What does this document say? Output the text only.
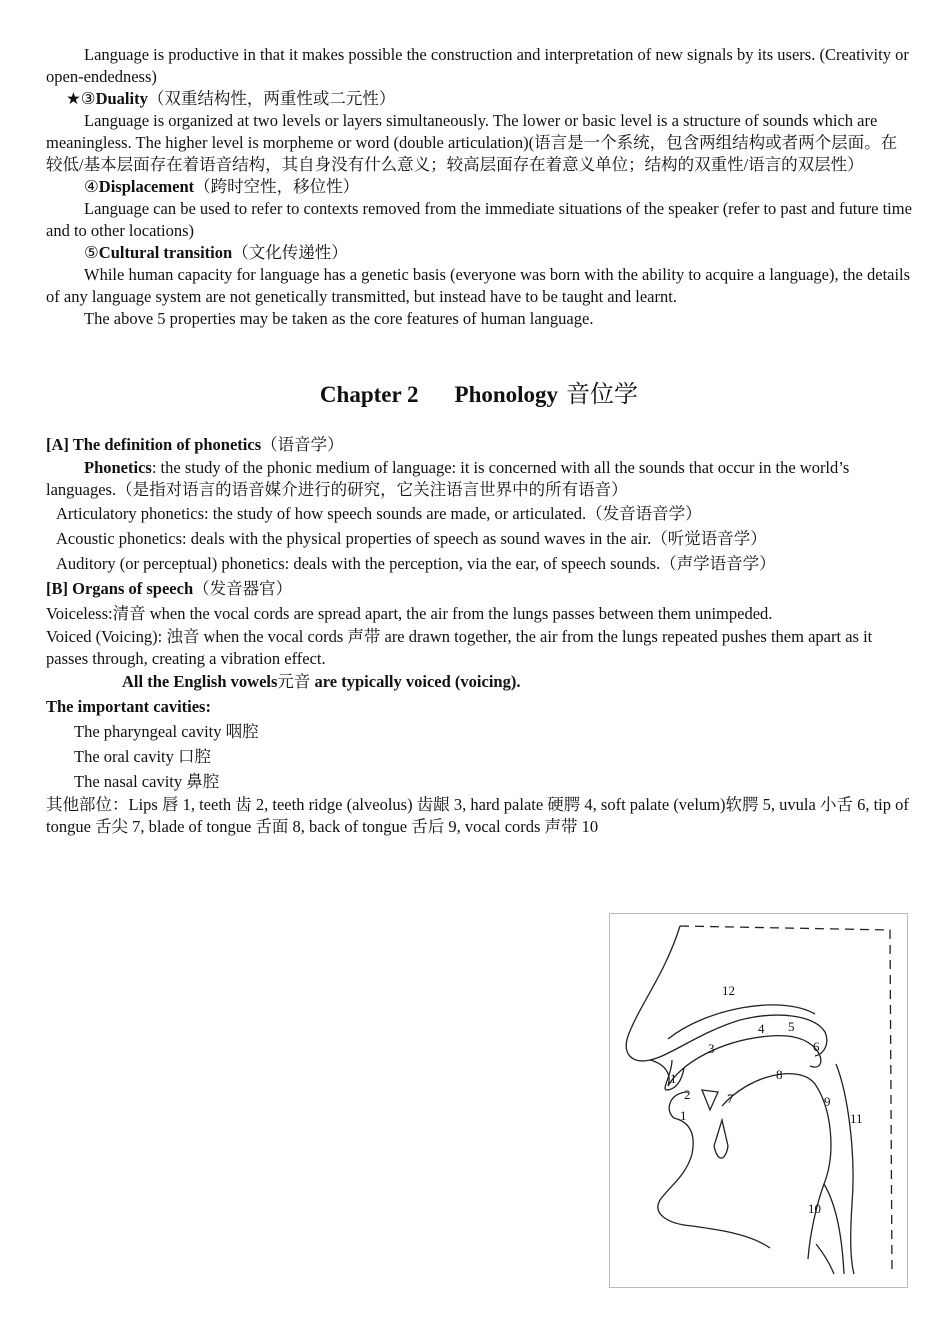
Language is productive in that it makes possible the construction and interpretation of new signals by its users. (Creativity or open-endedness)

★③Duality（双重结构性，两重性或二元性）

Language is organized at two levels or layers simultaneously. The lower or basic level is a structure of sounds which are meaningless. The higher level is morpheme or word (double articulation)(语言是一个系统，包含两组结构或者两个层面。在较低/基本层面存在着语音结构，其自身没有什么意义；较高层面存在着意义单位；结构的双重性/语言的双层性）

④Displacement（跨时空性，移位性）

Language can be used to refer to contexts removed from the immediate situations of the speaker (refer to past and future time and to other locations)

⑤Cultural transition（文化传递性）

While human capacity for language has a genetic basis (everyone was born with the ability to acquire a language), the details of any language system are not genetically transmitted, but instead have to be taught and learnt.

The above 5 properties may be taken as the core features of human language.

Chapter 2 Phonology 音位学

[A] The definition of phonetics（语音学）

Phonetics: the study of the phonic medium of language: it is concerned with all the sounds that occur in the world’s languages.（是指对语言的语音媒介进行的研究，它关注语言世界中的所有语音）

Articulatory phonetics: the study of how speech sounds are made, or articulated.（发音语音学）

Acoustic phonetics: deals with the physical properties of speech as sound waves in the air.（听觉语音学）

Auditory (or perceptual) phonetics: deals with the perception, via the ear, of speech sounds.（声学语音学）

[B] Organs of speech（发音器官）

Voiceless:清音 when the vocal cords are spread apart, the air from the lungs passes between them unimpeded.

Voiced (Voicing): 浊音 when the vocal cords 声带 are drawn together, the air from the lungs repeated pushes them apart as it passes through, creating a vibration effect.

All the English vowels元音 are typically voiced (voicing).

The important cavities:

The pharyngeal cavity 咽腔

The oral cavity 口腔

The nasal cavity 鼻腔

其他部位：Lips 唇 1, teeth 齿 2, teeth ridge (alveolus) 齿龈 3, hard palate 硬腭 4, soft palate (velum)软腭 5, uvula 小舌 6, tip of tongue 舌尖 7, blade of tongue 舌面 8, back of tongue 舌后 9, vocal cords 声带 10

12
4 5
3	6
1
2
8
7
1
9
11
10
